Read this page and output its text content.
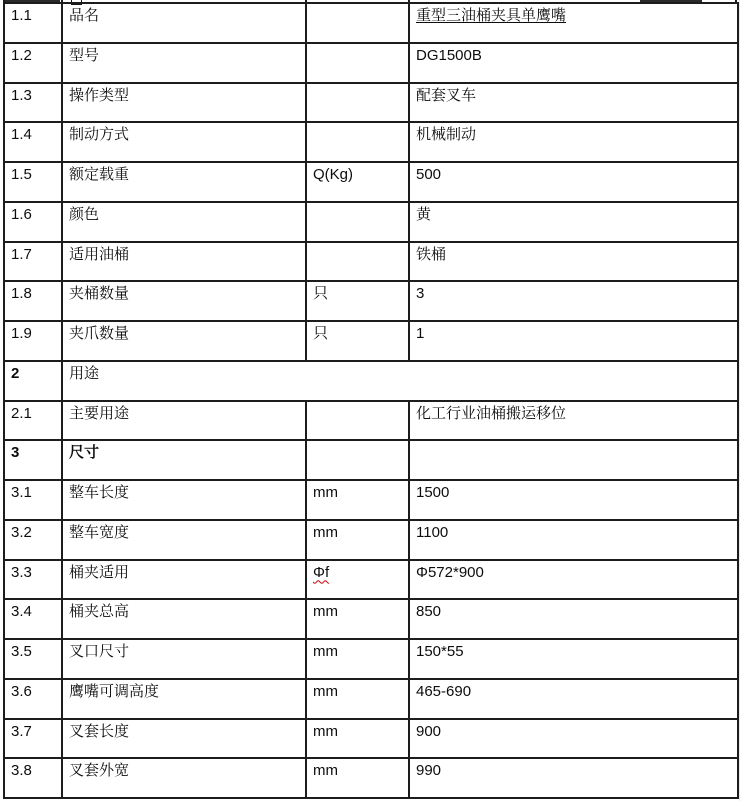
1.1	品名		重型三油桶夹具单鹰嘴
1.2	型号		DG1500B
1.3	操作类型		配套叉车
1.4	制动方式		机械制动
1.5	额定载重	Q(Kg)	500
1.6	颜色		黄
1.7	适用油桶		铁桶
1.8	夹桶数量	只	3
1.9	夹爪数量	只	1
2	用途		
2.1	主要用途		化工行业油桶搬运移位
3	尺寸		
3.1	整车长度	mm	1500
3.2	整车宽度	mm	1100
3.3	桶夹适用	Φf	Φ572*900
3.4	桶夹总高	mm	850
3.5	叉口尺寸	mm	150*55
3.6	鹰嘴可调高度	mm	465-690
3.7	叉套长度	mm	900
3.8	叉套外宽	mm	990
